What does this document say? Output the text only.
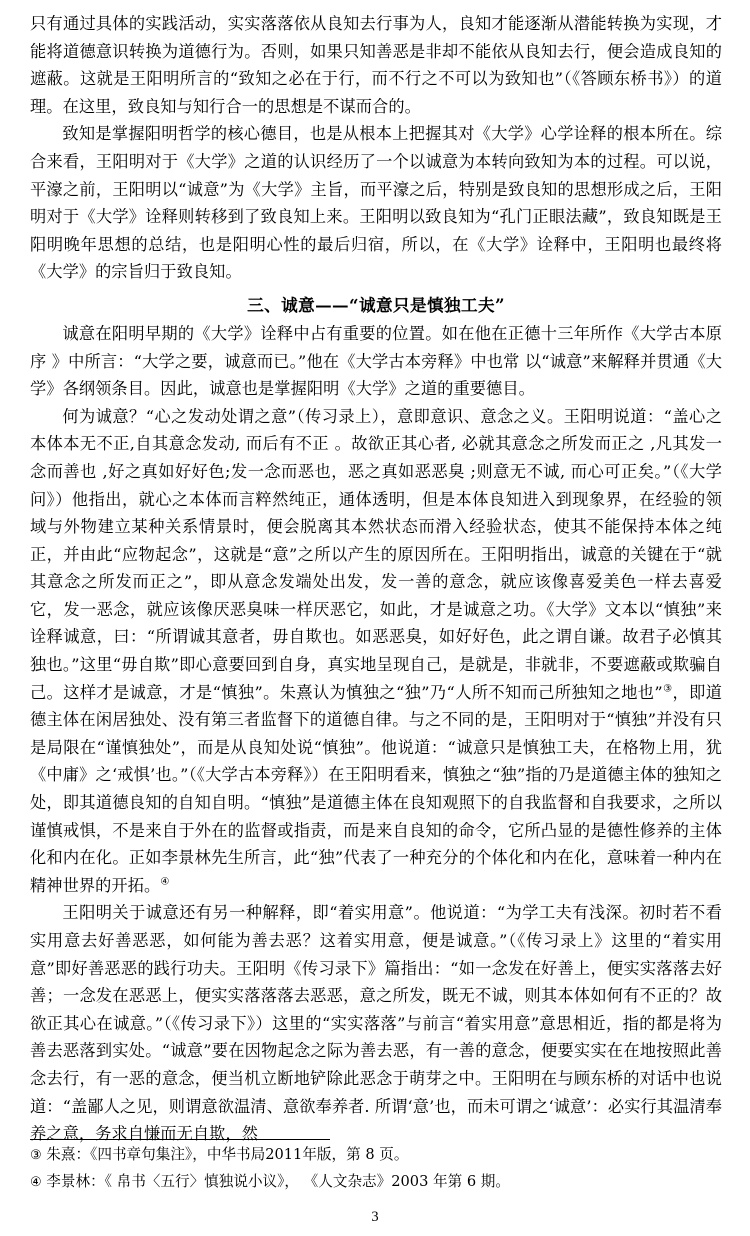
只有通过具体的实践活动，实实落落依从良知去行事为人，良知才能逐渐从潜能转换为实现，才能将道德意识转换为道德行为。否则，如果只知善恶是非却不能依从良知去行，便会造成良知的遮蔽。这就是王阳明所言的“致知之必在于行，而不行之不可以为致知也”（《答顾东桥书》）的道理。在这里，致良知与知行合一的思想是不谋而合的。

致知是掌握阳明哲学的核心德目，也是从根本上把握其对《大学》心学诠释的根本所在。综合来看，王阳明对于《大学》之道的认识经历了一个以诚意为本转向致知为本的过程。可以说，平濠之前，王阳明以“诚意”为《大学》主旨，而平濠之后，特别是致良知的思想形成之后，王阳明对于《大学》诠释则转移到了致良知上来。王阳明以致良知为“孔门正眼法藏”，致良知既是王阳明晚年思想的总结，也是阳明心性的最后归宿，所以，在《大学》诠释中，王阳明也最终将《大学》的宗旨归于致良知。

三、诚意——“诚意只是慎独工夫”

诚意在阳明早期的《大学》诠释中占有重要的位置。如在他在正德十三年所作《大学古本原序 》中所言：“大学之要，诚意而已。”他在《大学古本旁释》中也常 以“诚意”来解释并贯通《大学》各纲领条目。因此，诚意也是掌握阳明《大学》之道的重要德目。

何为诚意？“心之发动处谓之意”（传习录上），意即意识、意念之义。王阳明说道：“盖心之本体本无不正,自其意念发动, 而后有不正 。故欲正其心者, 必就其意念之所发而正之 ,凡其发一念而善也 ,好之真如好好色;发一念而恶也，恶之真如恶恶臭 ;则意无不诚, 而心可正矣。”（《大学问》）他指出，就心之本体而言粹然纯正，通体透明，但是本体良知进入到现象界，在经验的领域与外物建立某种关系情景时，便会脱离其本然状态而滑入经验状态，使其不能保持本体之纯正，并由此“应物起念”，这就是“意”之所以产生的原因所在。王阳明指出，诚意的关键在于“就其意念之所发而正之”，即从意念发端处出发，发一善的意念，就应该像喜爱美色一样去喜爱它，发一恶念，就应该像厌恶臭味一样厌恶它，如此，才是诚意之功。《大学》文本以“慎独”来诠释诚意，曰：“所谓诚其意者，毋自欺也。如恶恶臭，如好好色，此之谓自谦。故君子必慎其独也。”这里“毋自欺”即心意要回到自身，真实地呈现自己，是就是，非就非，不要遮蔽或欺骗自己。这样才是诚意，才是“慎独”。朱熹认为慎独之“独”乃“人所不知而己所独知之地也”③，即道德主体在闲居独处、没有第三者监督下的道德自律。与之不同的是，王阳明对于“慎独”并没有只是局限在“谨慎独处”，而是从良知处说“慎独”。他说道：“诚意只是慎独工夫，在格物上用，犹《中庸》之‘戒惧’也。”（《大学古本旁释》）在王阳明看来，慎独之“独”指的乃是道德主体的独知之处，即其道德良知的自知自明。“慎独”是道德主体在良知观照下的自我监督和自我要求，之所以谨慎戒惧，不是来自于外在的监督或指责，而是来自良知的命令，它所凸显的是德性修养的主体化和内在化。正如李景林先生所言，此“独”代表了一种充分的个体化和内在化，意味着一种内在精神世界的开拓。④

王阳明关于诚意还有另一种解释，即“着实用意”。他说道：“为学工夫有浅深。初时若不看实用意去好善恶恶，如何能为善去恶？这着实用意，便是诚意。”（《传习录上》这里的“着实用意”即好善恶恶的践行功夫。王阳明《传习录下》篇指出：“如一念发在好善上，便实实落落去好善；一念发在恶恶上，便实实落落落去恶恶，意之所发，既无不诚，则其本体如何有不正的？故欲正其心在诚意。”（《传习录下》）这里的“实实落落”与前言“着实用意”意思相近，指的都是将为善去恶落到实处。“诚意”要在因物起念之际为善去恶，有一善的意念，便要实实在在地按照此善念去行，有一恶的意念，便当机立断地铲除此恶念于萌芽之中。王阳明在与顾东桥的对话中也说道：“盖鄙人之见，则谓意欲温清、意欲奉养者. 所谓‘意’也，而未可谓之‘诚意’：必实行其温清奉养之意，务求自慊而无自欺，然

③ 朱熹：《四书章句集注》，中华书局2011年版，第 8 页。

④ 李景林：《 帛书〈五行〉慎独说小议》， 《人文杂志》2003 年第 6 期。

3
